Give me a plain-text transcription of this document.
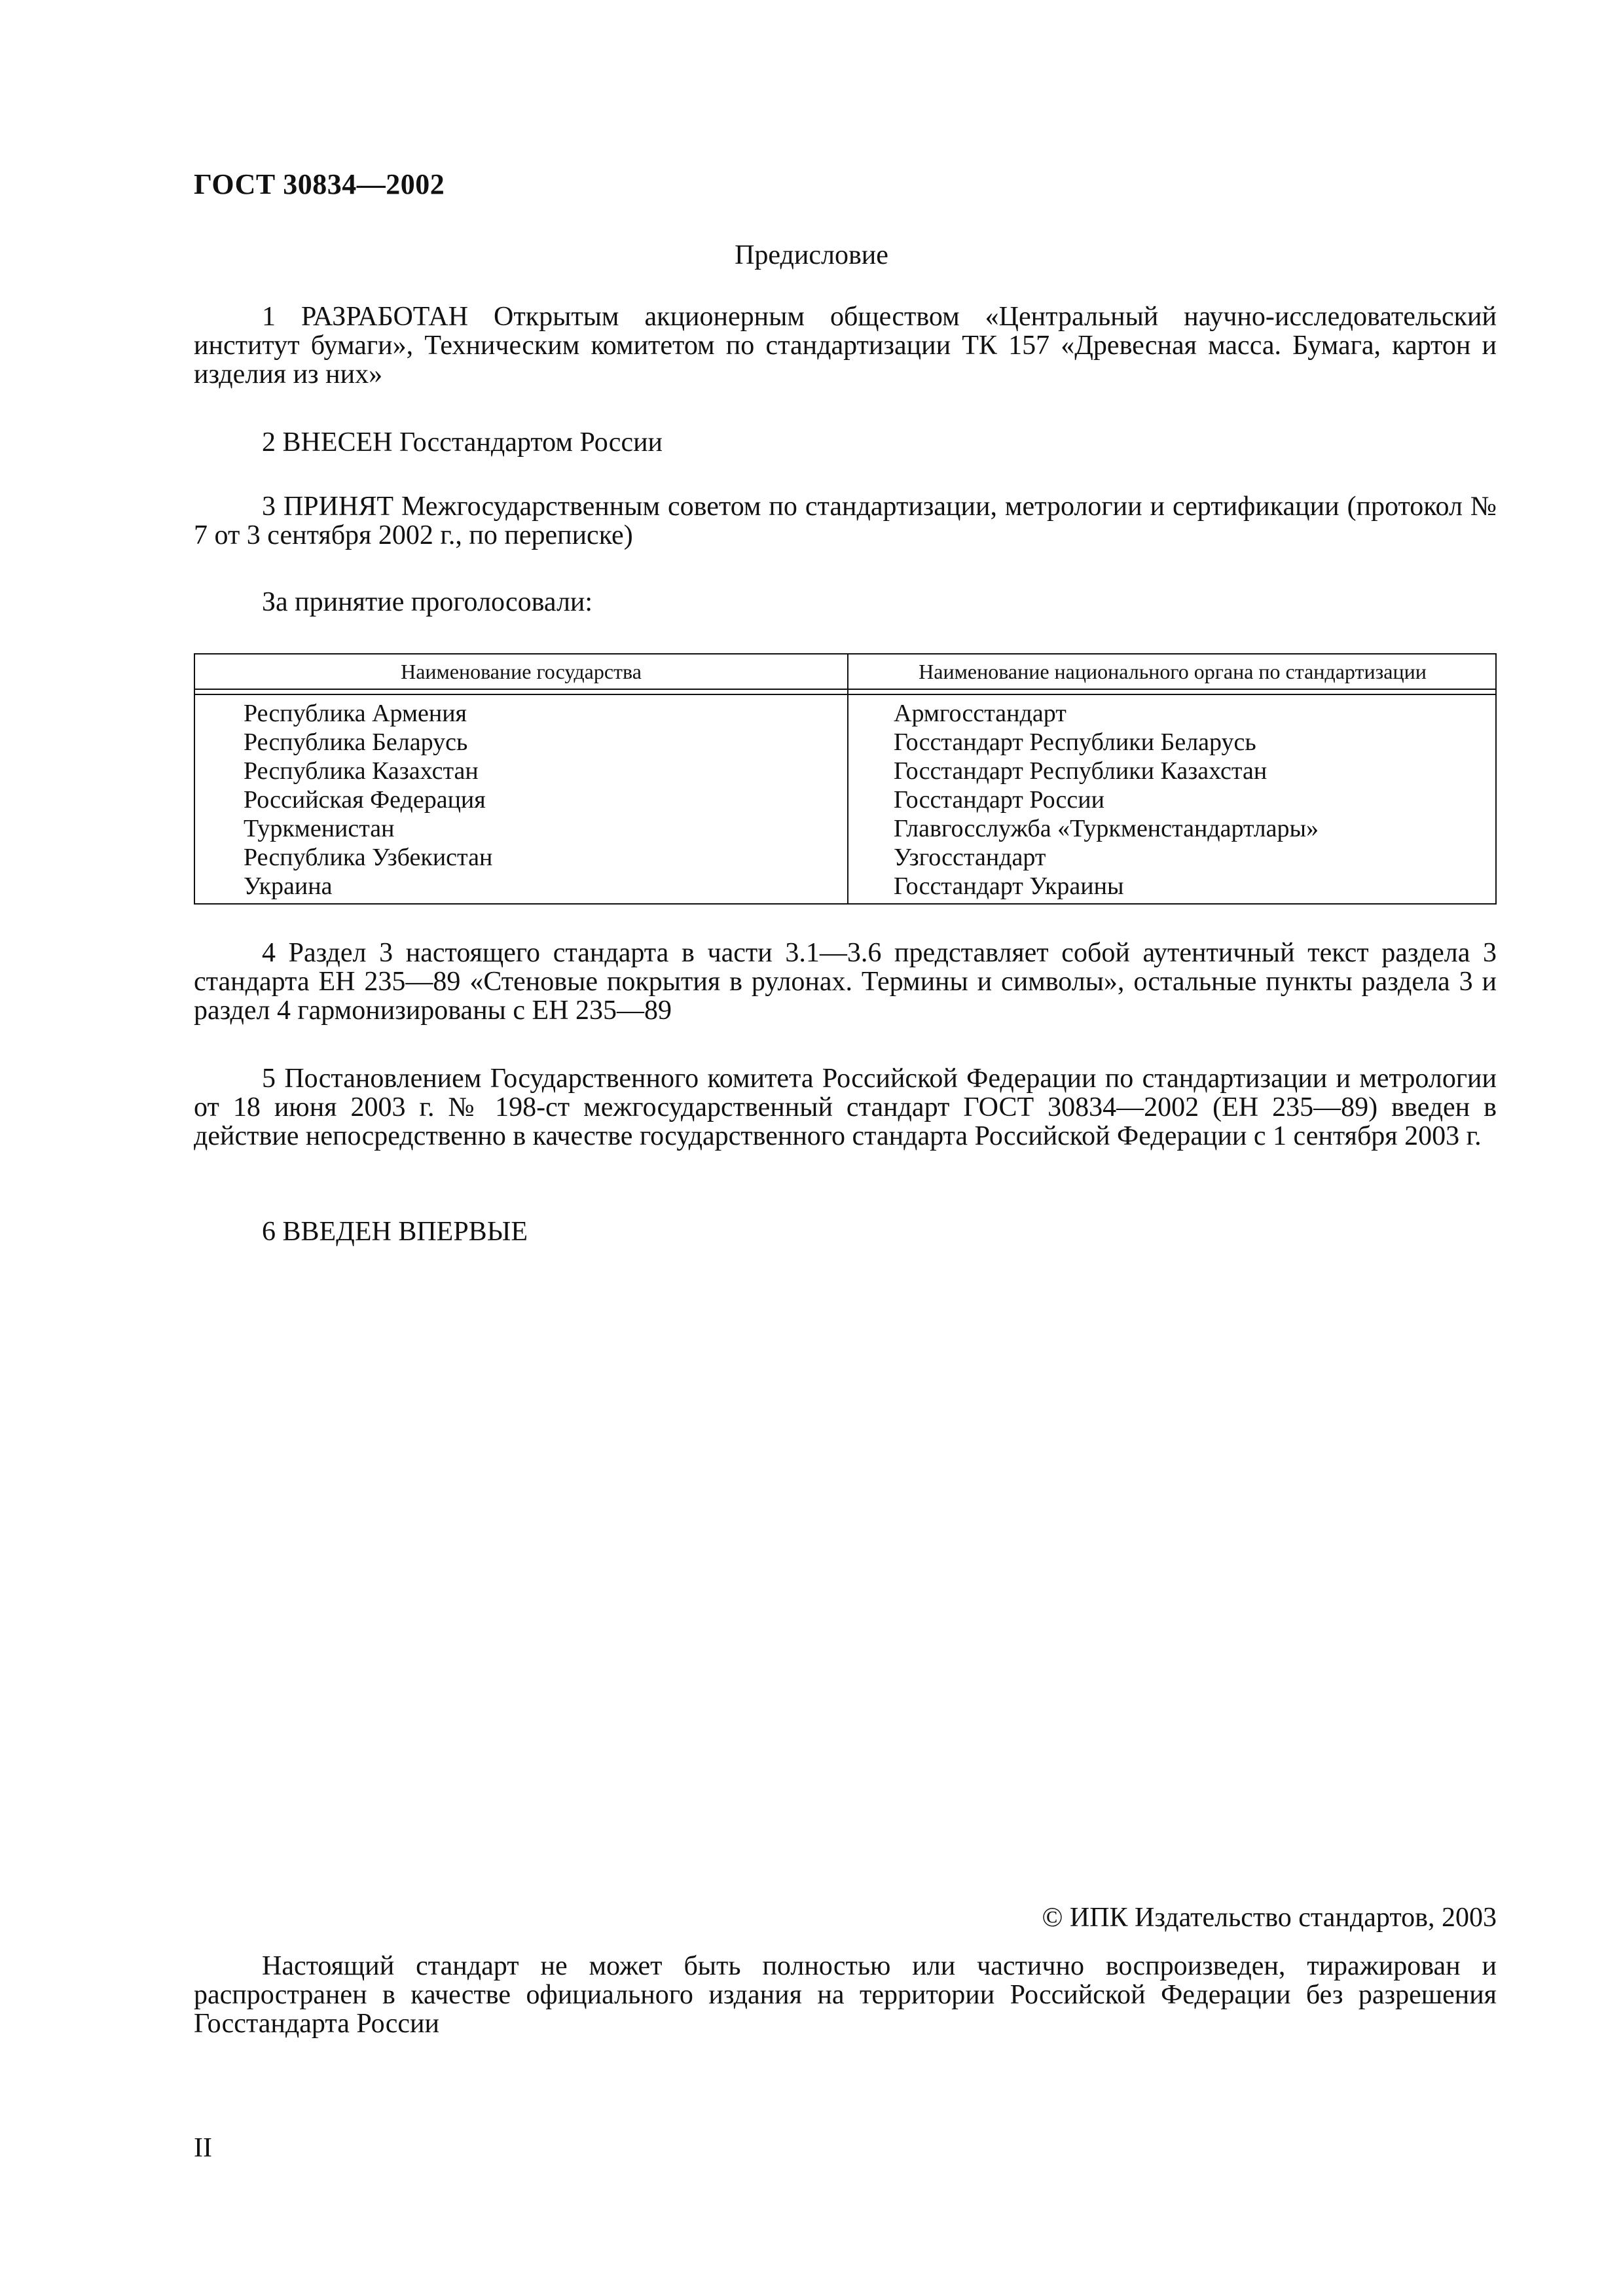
ГОСТ 30834—2002
Предисловие

1 РАЗРАБОТАН Открытым акционерным обществом «Центральный научно-исследовательский институт бумаги», Техническим комитетом по стандартизации ТК 157 «Древесная масса. Бумага, картон и изделия из них»

2 ВНЕСЕН Госстандартом России

3 ПРИНЯТ Межгосударственным советом по стандартизации, метрологии и сертификации (протокол № 7 от 3 сентября 2002 г., по переписке)

За принятие проголосовали:

Наименование государства	Наименование национального органа по стандартизации
Республика Армения
Республика Беларусь
Республика Казахстан
Российская Федерация
Туркменистан
Республика Узбекистан
Украина
Армгосстандарт
Госстандарт Республики Беларусь
Госстандарт Республики Казахстан
Госстандарт России
Главгосслужба «Туркменстандартлары»
Узгосстандарт
Госстандарт Украины

4 Раздел 3 настоящего стандарта в части 3.1—3.6 представляет собой аутентичный текст раздела 3 стандарта ЕН 235—89 «Стеновые покрытия в рулонах. Термины и символы», остальные пункты раздела 3 и раздел 4 гармонизированы с ЕН 235—89

5 Постановлением Государственного комитета Российской Федерации по стандартизации и метрологии от 18 июня 2003 г. № 198-ст межгосударственный стандарт ГОСТ 30834—2002 (ЕН 235—89) введен в действие непосредственно в качестве государственного стандарта Российской Федерации с 1 сентября 2003 г.

6 ВВЕДЕН ВПЕРВЫЕ

© ИПК Издательство стандартов, 2003

Настоящий стандарт не может быть полностью или частично воспроизведен, тиражирован и распространен в качестве официального издания на территории Российской Федерации без разрешения Госстандарта России

II
